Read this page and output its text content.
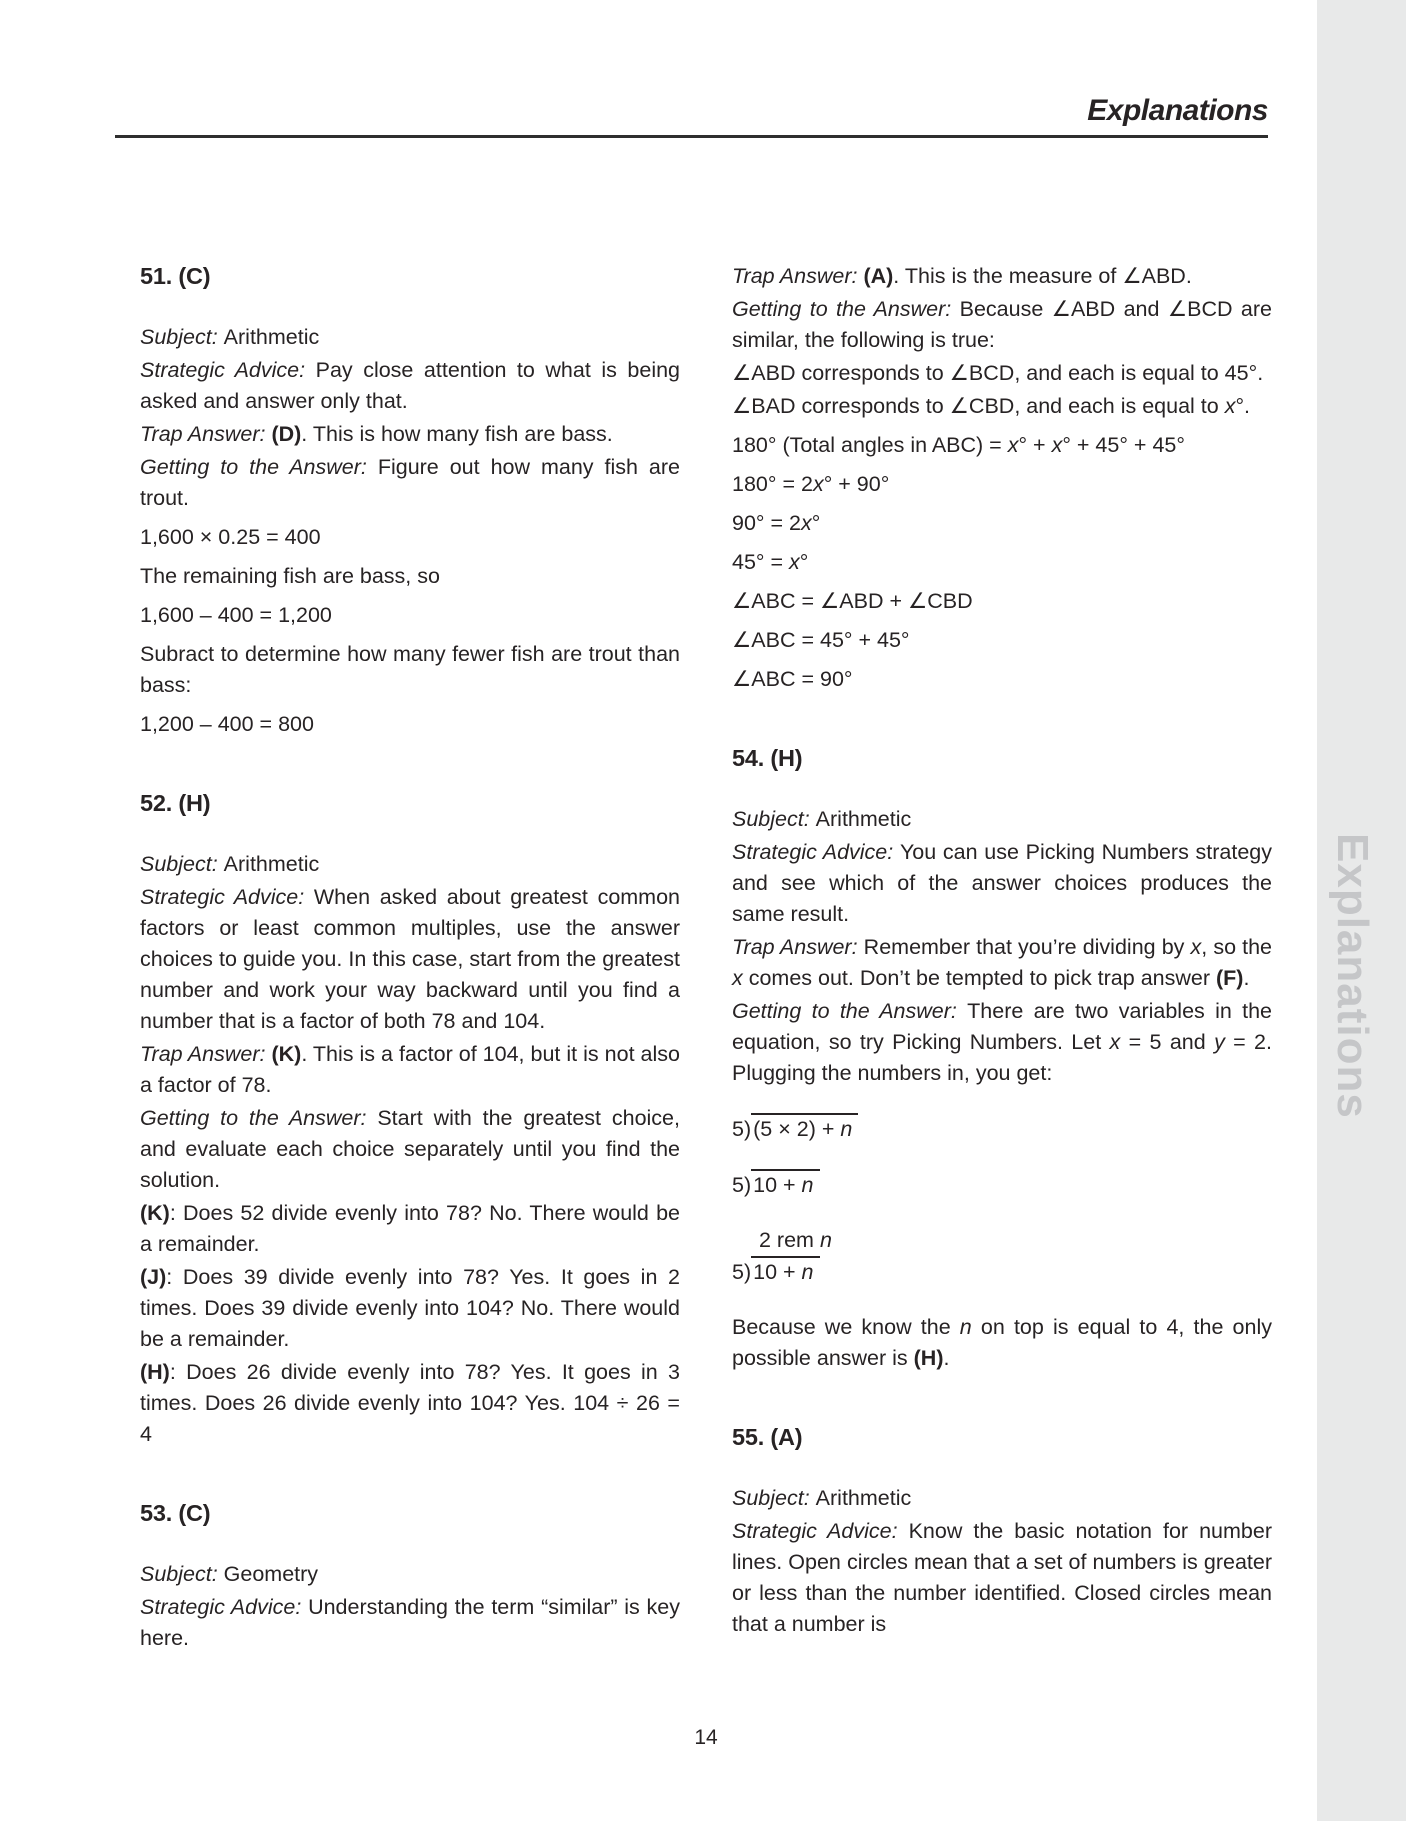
Explanations
Explanations
51. (C)

Subject: Arithmetic

Strategic Advice: Pay close attention to what is being asked and answer only that.

Trap Answer: (D). This is how many fish are bass.

Getting to the Answer: Figure out how many fish are trout.

1,600 × 0.25 = 400

The remaining fish are bass, so

1,600 – 400 = 1,200

Subract to determine how many fewer fish are trout than bass:

1,200 – 400 = 800
52. (H)

Subject: Arithmetic

Strategic Advice: When asked about greatest common factors or least common multiples, use the answer choices to guide you. In this case, start from the greatest number and work your way backward until you find a number that is a factor of both 78 and 104.

Trap Answer: (K). This is a factor of 104, but it is not also a factor of 78.

Getting to the Answer: Start with the greatest choice, and evaluate each choice separately until you find the solution.

(K): Does 52 divide evenly into 78? No. There would be a remainder.

(J): Does 39 divide evenly into 78? Yes. It goes in 2 times. Does 39 divide evenly into 104? No. There would be a remainder.

(H): Does 26 divide evenly into 78? Yes. It goes in 3 times. Does 26 divide evenly into 104? Yes. 104 ÷ 26 = 4

53. (C)

Subject: Geometry

Strategic Advice: Understanding the term “similar” is key here.

Trap Answer: (A). This is the measure of ∠ABD.

Getting to the Answer: Because ∠ABD and ∠BCD are similar, the following is true:

∠ABD corresponds to ∠BCD, and each is equal to 45°.

∠BAD corresponds to ∠CBD, and each is equal to x°.

180° (Total angles in ABC) = x° + x° + 45° + 45°
180° = 2x° + 90°
90° = 2x°
45° = x°
∠ABC = ∠ABD + ∠CBD
∠ABC = 45° + 45°
∠ABC = 90°
54. (H)

Subject: Arithmetic

Strategic Advice: You can use Picking Numbers strategy and see which of the answer choices produces the same result.

Trap Answer: Remember that you’re dividing by x, so the x comes out. Don’t be tempted to pick trap answer (F).

Getting to the Answer: There are two variables in the equation, so try Picking Numbers. Let x = 5 and y = 2. Plugging the numbers in, you get:

5)(5 × 2) + n
5)10 + n
2 rem n
5)10 + n

Because we know the n on top is equal to 4, the only possible answer is (H).

55. (A)

Subject: Arithmetic

Strategic Advice: Know the basic notation for number lines. Open circles mean that a set of numbers is greater or less than the number identified. Closed circles mean that a number is

14
